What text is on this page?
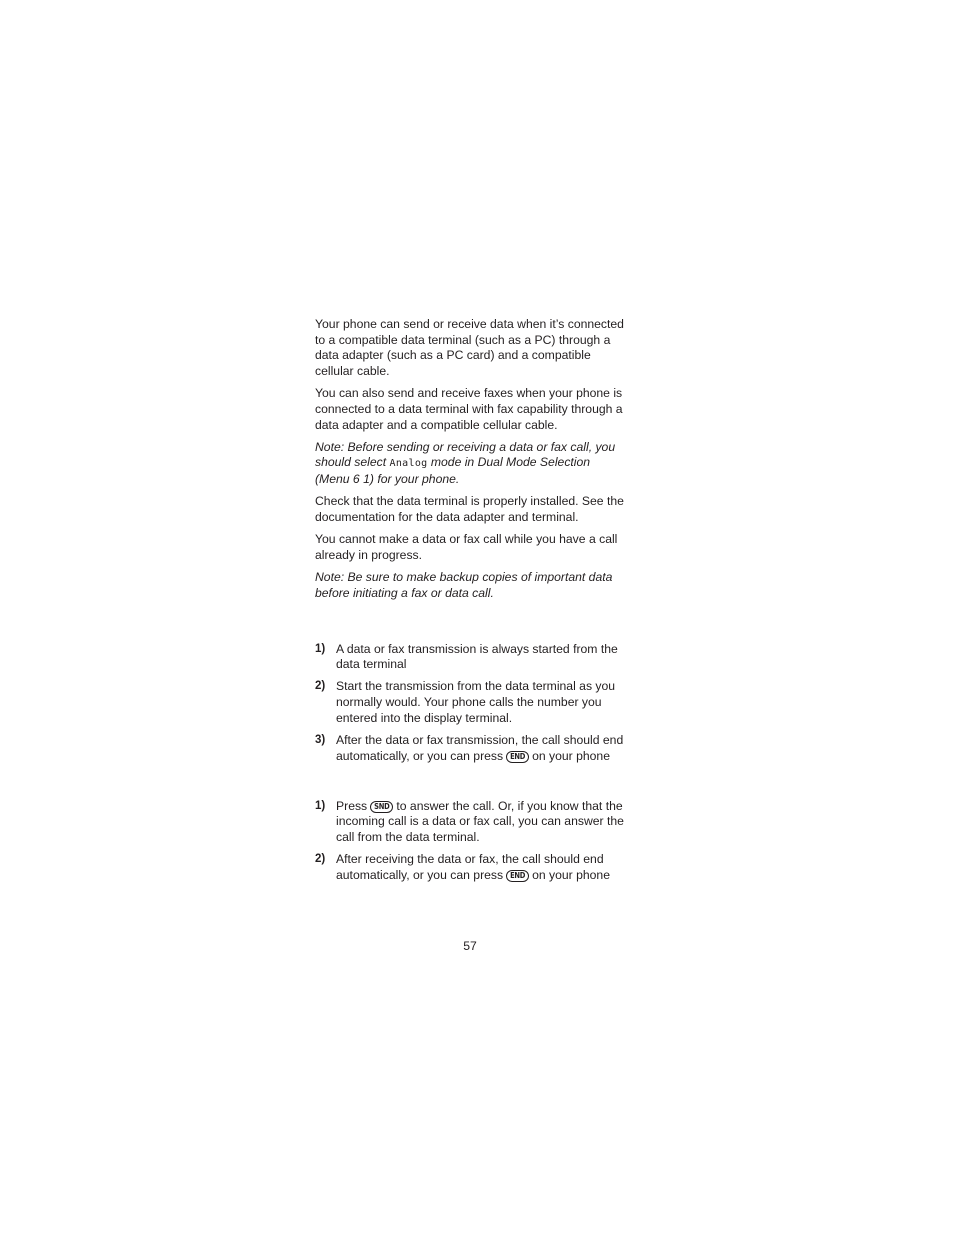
Your phone can send or receive data when it’s connected to a compatible data terminal (such as a PC) through a data adapter (such as a PC card) and a compatible cellular cable.

You can also send and receive faxes when your phone is connected to a data terminal with fax capability through a data adapter and a compatible cellular cable.

Note: Before sending or receiving a data or fax call, you should select Analog mode in Dual Mode Selection (Menu 6 1) for your phone.

Check that the data terminal is properly installed. See the documentation for the data adapter and terminal.

You cannot make a data or fax call while you have a call already in progress.

Note: Be sure to make backup copies of important data before initiating a fax or data call.

1) A data or fax transmission is always started from the data terminal
2) Start the transmission from the data terminal as you normally would. Your phone calls the number you entered into the display terminal.
3) After the data or fax transmission, the call should end automatically, or you can press END on your phone
1) Press SND to answer the call. Or, if you know that the incoming call is a data or fax call, you can answer the call from the data terminal.
2) After receiving the data or fax, the call should end automatically, or you can press END on your phone
57
